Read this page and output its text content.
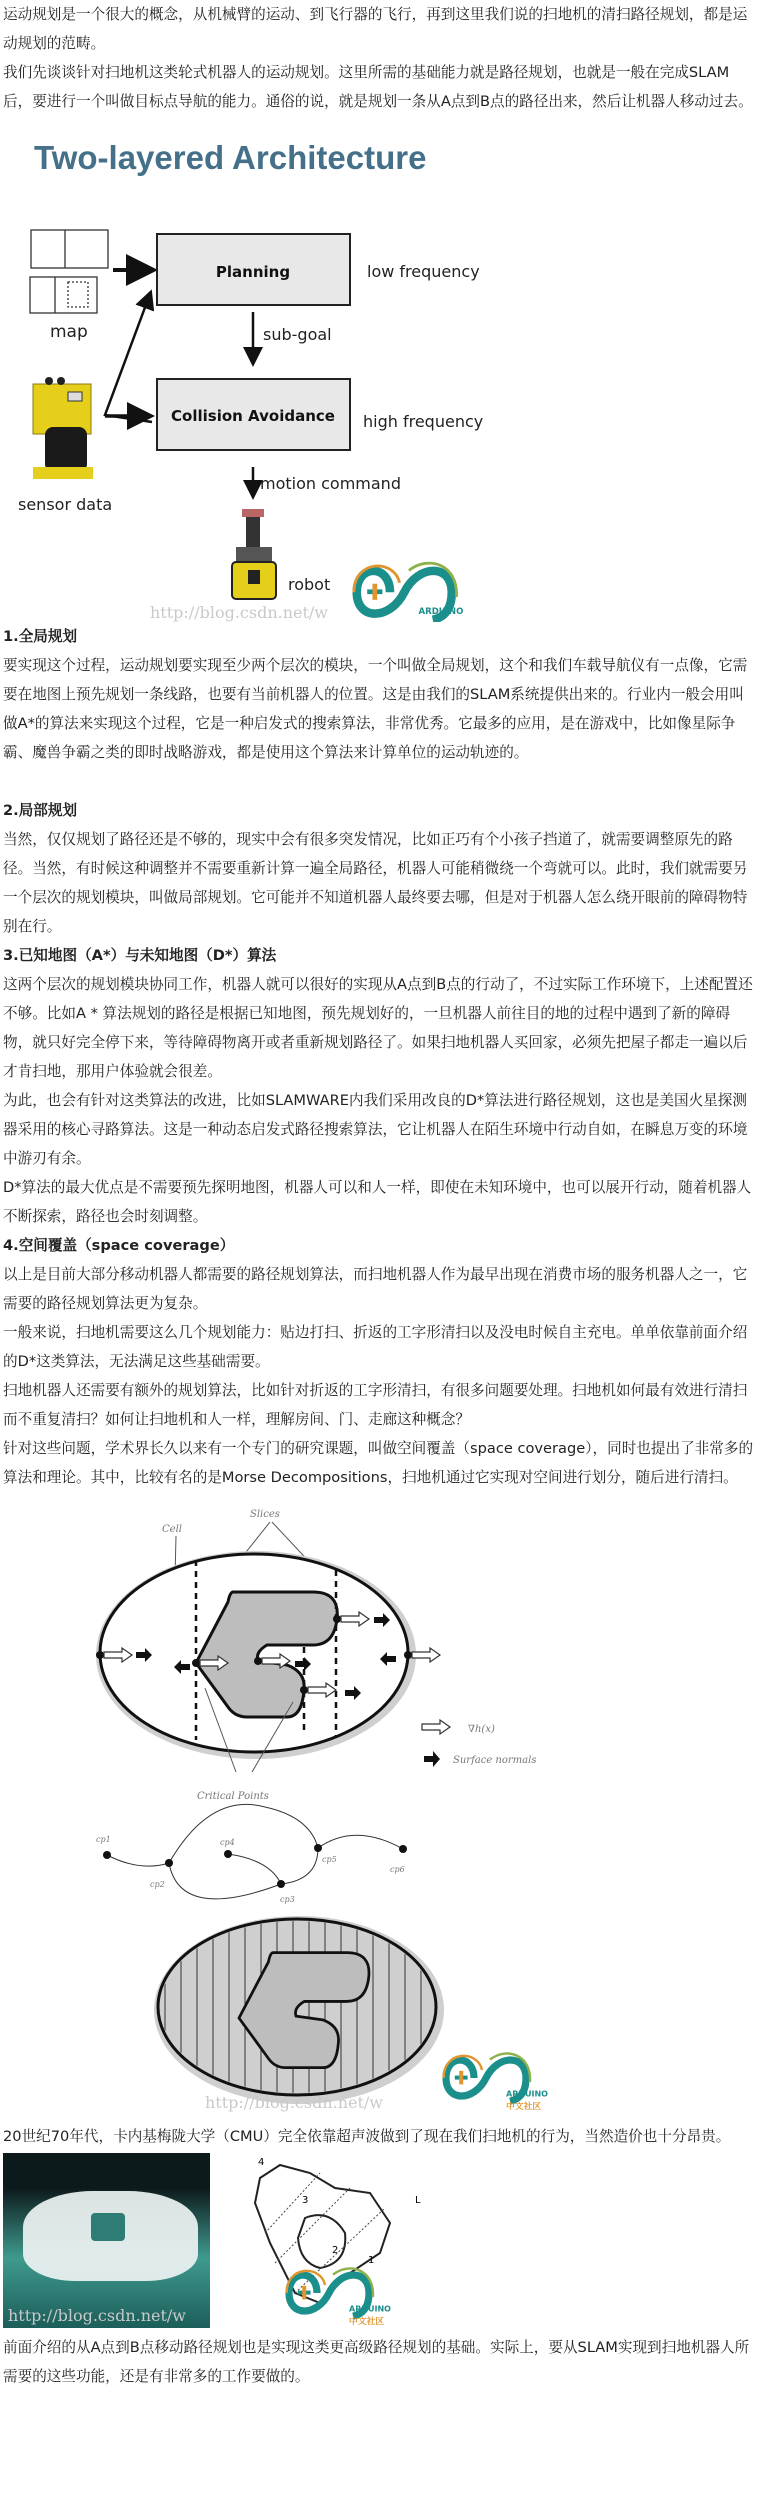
运动规划是一个很大的概念，从机械臂的运动、到飞行器的飞行，再到这里我们说的扫地机的清扫路径规划，都是运动规划的范畴。

我们先谈谈针对扫地机这类轮式机器人的运动规划。这里所需的基础能力就是路径规划，也就是一般在完成SLAM后，要进行一个叫做目标点导航的能力。通俗的说，就是规划一条从A点到B点的路径出来，然后让机器人移动过去。

Two-layered Architecture
map
sensor data
Planning	low frequency
sub-goal
Collision Avoidance high frequency
motion command
robot
ARDUINO
http://blog.csdn.net/w

1.全局规划

要实现这个过程，运动规划要实现至少两个层次的模块，一个叫做全局规划，这个和我们车载导航仪有一点像，它需要在地图上预先规划一条线路，也要有当前机器人的位置。这是由我们的SLAM系统提供出来的。行业内一般会用叫做A*的算法来实现这个过程，它是一种启发式的搜索算法，非常优秀。它最多的应用，是在游戏中，比如像星际争霸、魔兽争霸之类的即时战略游戏，都是使用这个算法来计算单位的运动轨迹的。

2.局部规划

当然，仅仅规划了路径还是不够的，现实中会有很多突发情况，比如正巧有个小孩子挡道了，就需要调整原先的路径。当然，有时候这种调整并不需要重新计算一遍全局路径，机器人可能稍微绕一个弯就可以。此时，我们就需要另一个层次的规划模块，叫做局部规划。它可能并不知道机器人最终要去哪，但是对于机器人怎么绕开眼前的障碍物特别在行。

3.已知地图（A*）与未知地图（D*）算法

这两个层次的规划模块协同工作，机器人就可以很好的实现从A点到B点的行动了，不过实际工作环境下，上述配置还不够。比如A * 算法规划的路径是根据已知地图，预先规划好的，一旦机器人前往目的地的过程中遇到了新的障碍物，就只好完全停下来，等待障碍物离开或者重新规划路径了。如果扫地机器人买回家，必须先把屋子都走一遍以后才肯扫地，那用户体验就会很差。

为此，也会有针对这类算法的改进，比如SLAMWARE内我们采用改良的D*算法进行路径规划，这也是美国火星探测器采用的核心寻路算法。这是一种动态启发式路径搜索算法，它让机器人在陌生环境中行动自如，在瞬息万变的环境中游刃有余。

D*算法的最大优点是不需要预先探明地图，机器人可以和人一样，即使在未知环境中，也可以展开行动，随着机器人不断探索，路径也会时刻调整。

4.空间覆盖（space coverage）

以上是目前大部分移动机器人都需要的路径规划算法，而扫地机器人作为最早出现在消费市场的服务机器人之一，它需要的路径规划算法更为复杂。

一般来说，扫地机需要这么几个规划能力：贴边打扫、折返的工字形清扫以及没电时候自主充电。单单依靠前面介绍的D*这类算法，无法满足这些基础需要。

扫地机器人还需要有额外的规划算法，比如针对折返的工字形清扫，有很多问题要处理。扫地机如何最有效进行清扫而不重复清扫？如何让扫地机和人一样，理解房间、门、走廊这种概念？

针对这些问题，学术界长久以来有一个专门的研究课题，叫做空间覆盖（space coverage），同时也提出了非常多的算法和理论。其中，比较有名的是Morse Decompositions，扫地机通过它实现对空间进行划分，随后进行清扫。

Slices
Cell
∇h(x)
Surface normals
Critical Points
cp1
cp2
cp3
cp4
cp5
cp6
ARDUINO
中文社区
http://blog.csdn.net/w

20世纪70年代，卡内基梅陇大学（CMU）完全依靠超声波做到了现在我们扫地机的行为，当然造价也十分昂贵。

1
2
3
4
L
ARDUINO
中文社区
http://blog.csdn.net/w

前面介绍的从A点到B点移动路径规划也是实现这类更高级路径规划的基础。实际上，要从SLAM实现到扫地机器人所需要的这些功能，还是有非常多的工作要做的。
